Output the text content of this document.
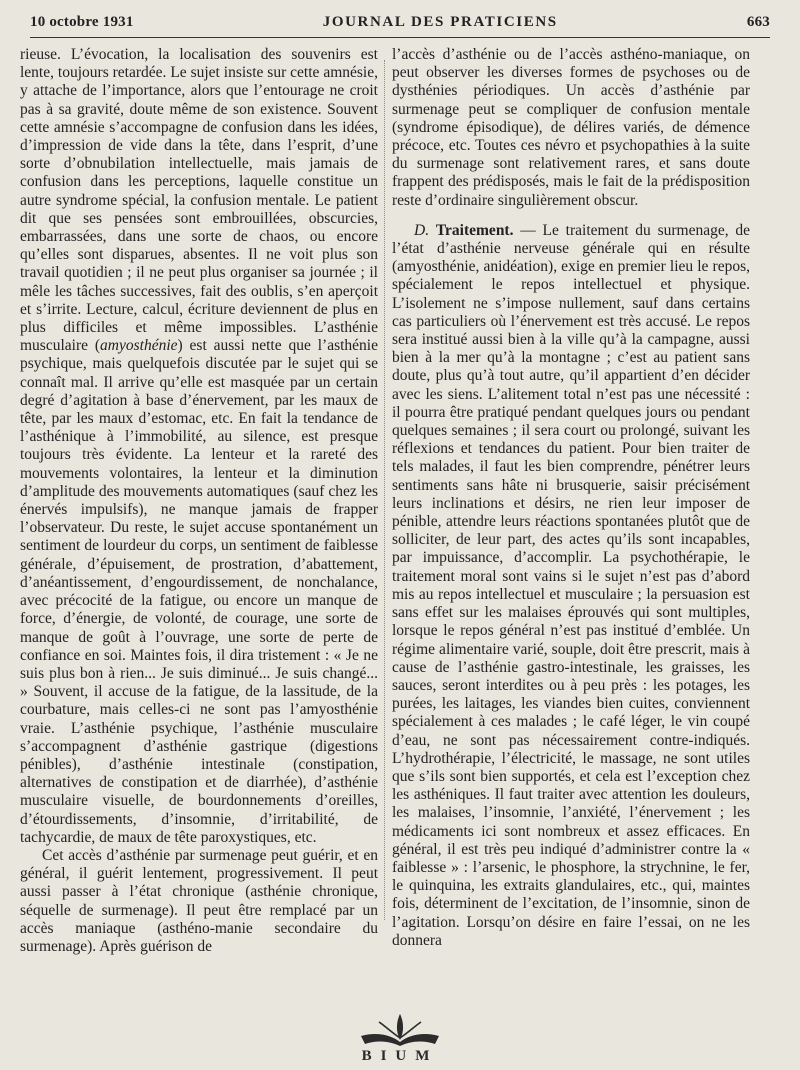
10 octobre 1931	JOURNAL DES PRATICIENS	663

rieuse. L’évocation, la localisation des souvenirs est lente, toujours retardée. Le sujet insiste sur cette amnésie, y attache de l’importance, alors que l’entourage ne croit pas à sa gravité, doute même de son existence. Souvent cette amnésie s’accompagne de confusion dans les idées, d’impression de vide dans la tête, dans l’esprit, d’une sorte d’obnubilation intellectuelle, mais jamais de confusion dans les perceptions, laquelle constitue un autre syndrome spécial, la confusion mentale. Le patient dit que ses pensées sont embrouillées, obscurcies, embarrassées, dans une sorte de chaos, ou encore qu’elles sont disparues, absentes. Il ne voit plus son travail quotidien ; il ne peut plus organiser sa journée ; il mêle les tâches successives, fait des oublis, s’en aperçoit et s’irrite. Lecture, calcul, écriture deviennent de plus en plus difficiles et même impossibles. L’asthénie musculaire (amyosthénie) est aussi nette que l’asthénie psychique, mais quelquefois discutée par le sujet qui se connaît mal. Il arrive qu’elle est masquée par un certain degré d’agitation à base d’énervement, par les maux de tête, par les maux d’estomac, etc. En fait la tendance de l’asthénique à l’immobilité, au silence, est presque toujours très évidente. La lenteur et la rareté des mouvements volontaires, la lenteur et la diminution d’amplitude des mouvements automatiques (sauf chez les énervés impulsifs), ne manque jamais de frapper l’observateur. Du reste, le sujet accuse spontanément un sentiment de lourdeur du corps, un sentiment de faiblesse générale, d’épuisement, de prostration, d’abattement, d’anéantissement, d’engourdissement, de nonchalance, avec précocité de la fatigue, ou encore un manque de force, d’énergie, de volonté, de courage, une sorte de manque de goût à l’ouvrage, une sorte de perte de confiance en soi. Maintes fois, il dira tristement : « Je ne suis plus bon à rien... Je suis diminué... Je suis changé... » Souvent, il accuse de la fatigue, de la lassitude, de la courbature, mais celles-ci ne sont pas l’amyosthénie vraie. L’asthénie psychique, l’asthénie musculaire s’accompagnent d’asthénie gastrique (digestions pénibles), d’asthénie intestinale (constipation, alternatives de constipation et de diarrhée), d’asthénie musculaire visuelle, de bourdonnements d’oreilles, d’étourdissements, d’insomnie, d’irritabilité, de tachycardie, de maux de tête paroxystiques, etc.

Cet accès d’asthénie par surmenage peut guérir, et en général, il guérit lentement, progressivement. Il peut aussi passer à l’état chronique (asthénie chronique, séquelle de surmenage). Il peut être remplacé par un accès maniaque (asthéno-manie secondaire du surmenage). Après guérison de

l’accès d’asthénie ou de l’accès asthéno-maniaque, on peut observer les diverses formes de psychoses ou de dysthénies périodiques. Un accès d’asthénie par surmenage peut se compliquer de confusion mentale (syndrome épisodique), de délires variés, de démence précoce, etc. Toutes ces névro et psychopathies à la suite du surmenage sont relativement rares, et sans doute frappent des prédisposés, mais le fait de la prédisposition reste d’ordinaire singulièrement obscur.

D. Traitement. — Le traitement du surmenage, de l’état d’asthénie nerveuse générale qui en résulte (amyosthénie, anidéation), exige en premier lieu le repos, spécialement le repos intellectuel et physique. L’isolement ne s’impose nullement, sauf dans certains cas particuliers où l’énervement est très accusé. Le repos sera institué aussi bien à la ville qu’à la campagne, aussi bien à la mer qu’à la montagne ; c’est au patient sans doute, plus qu’à tout autre, qu’il appartient d’en décider avec les siens. L’alitement total n’est pas une nécessité : il pourra être pratiqué pendant quelques jours ou pendant quelques semaines ; il sera court ou prolongé, suivant les réflexions et tendances du patient. Pour bien traiter de tels malades, il faut les bien comprendre, pénétrer leurs sentiments sans hâte ni brusquerie, saisir précisément leurs inclinations et désirs, ne rien leur imposer de pénible, attendre leurs réactions spontanées plutôt que de solliciter, de leur part, des actes qu’ils sont incapables, par impuissance, d’accomplir. La psychothérapie, le traitement moral sont vains si le sujet n’est pas d’abord mis au repos intellectuel et musculaire ; la persuasion est sans effet sur les malaises éprouvés qui sont multiples, lorsque le repos général n’est pas institué d’emblée. Un régime alimentaire varié, souple, doit être prescrit, mais à cause de l’asthénie gastro-intestinale, les graisses, les sauces, seront interdites ou à peu près : les potages, les purées, les laitages, les viandes bien cuites, conviennent spécialement à ces malades ; le café léger, le vin coupé d’eau, ne sont pas nécessairement contre-indiqués. L’hydrothérapie, l’électricité, le massage, ne sont utiles que s’ils sont bien supportés, et cela est l’exception chez les asthéniques. Il faut traiter avec attention les douleurs, les malaises, l’insomnie, l’anxiété, l’énervement ; les médicaments ici sont nombreux et assez efficaces. En général, il est très peu indiqué d’administrer contre la « faiblesse » : l’arsenic, le phosphore, la strychnine, le fer, le quinquina, les extraits glandulaires, etc., qui, maintes fois, déterminent de l’excitation, de l’insomnie, sinon de l’agitation. Lorsqu’on désire en faire l’essai, on ne les donnera

BIUM
